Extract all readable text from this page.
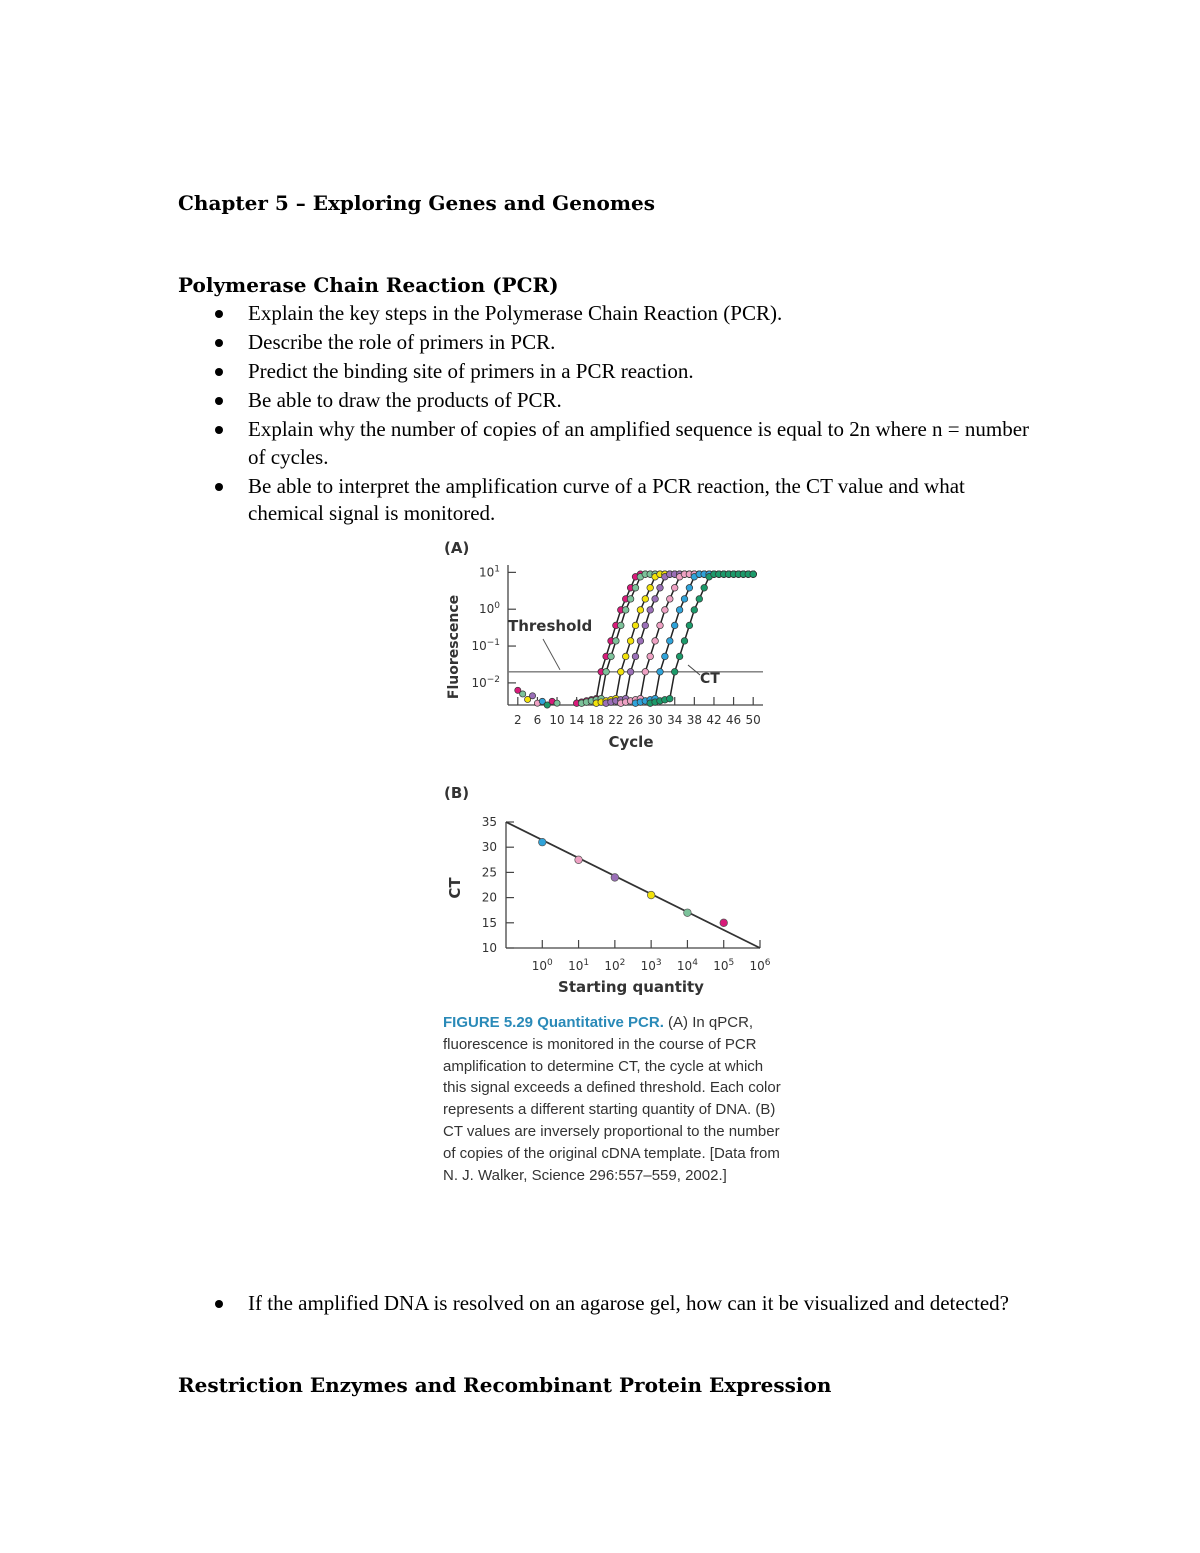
Chapter 5 – Exploring Genes and Genomes
Polymerase Chain Reaction (PCR)
Explain the key steps in the Polymerase Chain Reaction (PCR).
Describe the role of primers in PCR.
Predict the binding site of primers in a PCR reaction.
Be able to draw the products of PCR.
Explain why the number of copies of an amplified sequence is equal to 2n where n = number of cycles.
Be able to interpret the amplification curve of a PCR reaction, the CT value and what chemical signal is monitored.
(A)
Fluorescence
Cycle
$10^1$
$10^0$
$10^{-1}$
$10^{-2}$
2 6 10 14 18 22 26 30 34 38 42 46 50
Threshold
CT
(B)
CT
Starting quantity
35
30
25
20
15
10
$10^0$ $10^1$ $10^2$ $10^3$ $10^4$ $10^5$ $10^6$
FIGURE 5.29 Quantitative PCR. (A) In qPCR, fluorescence is monitored in the course of PCR amplification to determine CT, the cycle at which this signal exceeds a defined threshold. Each color represents a different starting quantity of DNA. (B) CT values are inversely proportional to the number of copies of the original cDNA template. [Data from N. J. Walker, Science 296:557–559, 2002.]
If the amplified DNA is resolved on an agarose gel, how can it be visualized and detected?
Restriction Enzymes and Recombinant Protein Expression
